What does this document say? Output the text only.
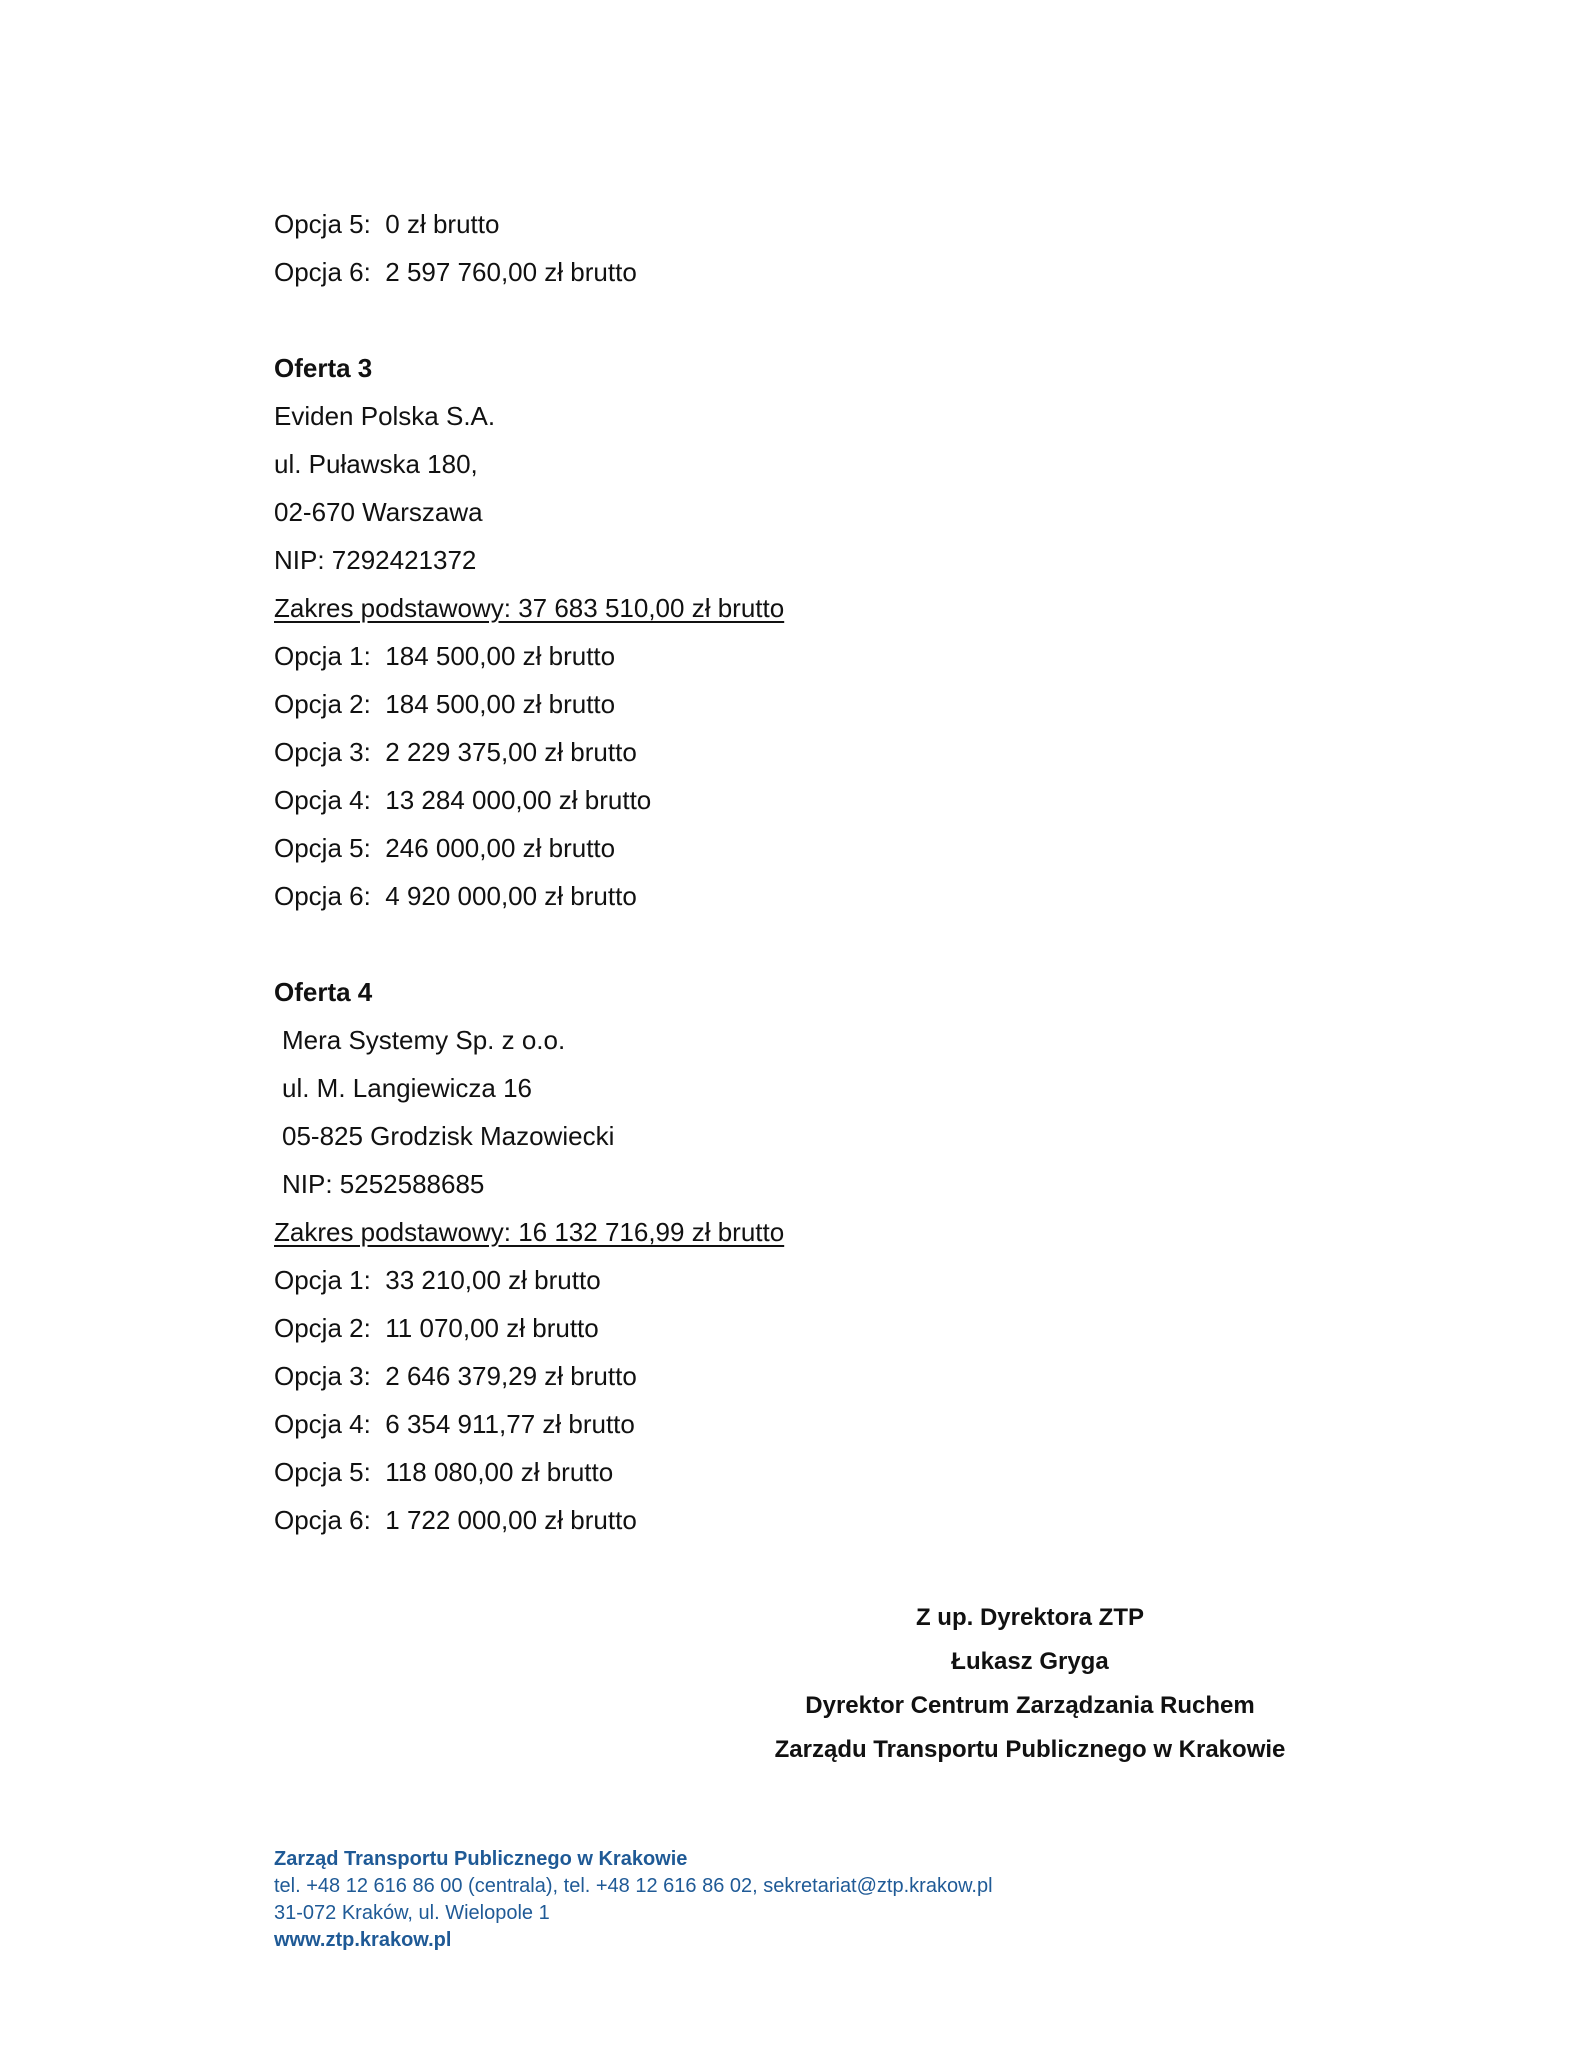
Opcja 5:  0 zł brutto
Opcja 6:  2 597 760,00 zł brutto
Oferta 3
Eviden Polska S.A.
ul. Puławska 180,
02-670 Warszawa
NIP: 7292421372
Zakres podstawowy: 37 683 510,00 zł brutto
Opcja 1:  184 500,00 zł brutto
Opcja 2:  184 500,00 zł brutto
Opcja 3:  2 229 375,00 zł brutto
Opcja 4:  13 284 000,00 zł brutto
Opcja 5:  246 000,00 zł brutto
Opcja 6:  4 920 000,00 zł brutto
Oferta 4
Mera Systemy Sp. z o.o.
ul. M. Langiewicza 16
05-825 Grodzisk Mazowiecki
NIP: 5252588685
Zakres podstawowy: 16 132 716,99 zł brutto
Opcja 1:  33 210,00 zł brutto
Opcja 2:  11 070,00 zł brutto
Opcja 3:  2 646 379,29 zł brutto
Opcja 4:  6 354 911,77 zł brutto
Opcja 5:  118 080,00 zł brutto
Opcja 6:  1 722 000,00 zł brutto
Z up. Dyrektora ZTP
Łukasz Gryga
Dyrektor Centrum Zarządzania Ruchem
Zarządu Transportu Publicznego w Krakowie
Zarząd Transportu Publicznego w Krakowie
tel. +48 12 616 86 00 (centrala), tel. +48 12 616 86 02, sekretariat@ztp.krakow.pl
31-072 Kraków, ul. Wielopole 1
www.ztp.krakow.pl
